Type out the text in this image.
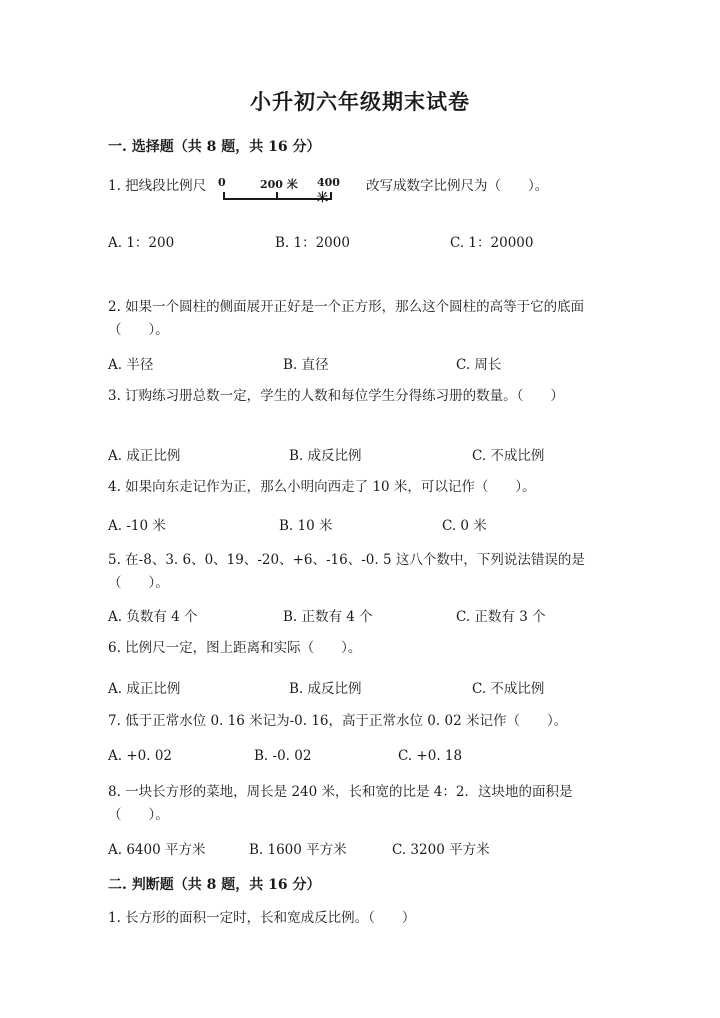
小升初六年级期末试卷
一. 选择题（共 8 题，共 16 分）
1. 把线段比例尺 0	200 米 400 米
改写成数字比例尺为（　　）。
A. 1：200	B. 1：2000	C. 1：20000
2. 如果一个圆柱的侧面展开正好是一个正方形，那么这个圆柱的高等于它的底面（　　）。
A. 半径	B. 直径	C. 周长
3. 订购练习册总数一定，学生的人数和每位学生分得练习册的数量。（　　）
A. 成正比例	B. 成反比例	C. 不成比例
4. 如果向东走记作为正，那么小明向西走了 10 米，可以记作（　　）。
A. -10 米	B. 10 米	C. 0 米
5. 在-8、3. 6、0、19、-20、+6、-16、-0. 5 这八个数中，下列说法错误的是（　　）。
A. 负数有 4 个	B. 正数有 4 个	C. 正数有 3 个
6. 比例尺一定，图上距离和实际（　　）。
A. 成正比例	B. 成反比例	C. 不成比例
7. 低于正常水位 0. 16 米记为-0. 16，高于正常水位 0. 02 米记作（　　）。
A. +0. 02	B. -0. 02	C. +0. 18
8. 一块长方形的菜地，周长是 240 米，长和宽的比是 4：2．这块地的面积是（　　）。
A. 6400 平方米	B. 1600 平方米	C. 3200 平方米
二. 判断题（共 8 题，共 16 分）
1. 长方形的面积一定时，长和宽成反比例。（　　）
